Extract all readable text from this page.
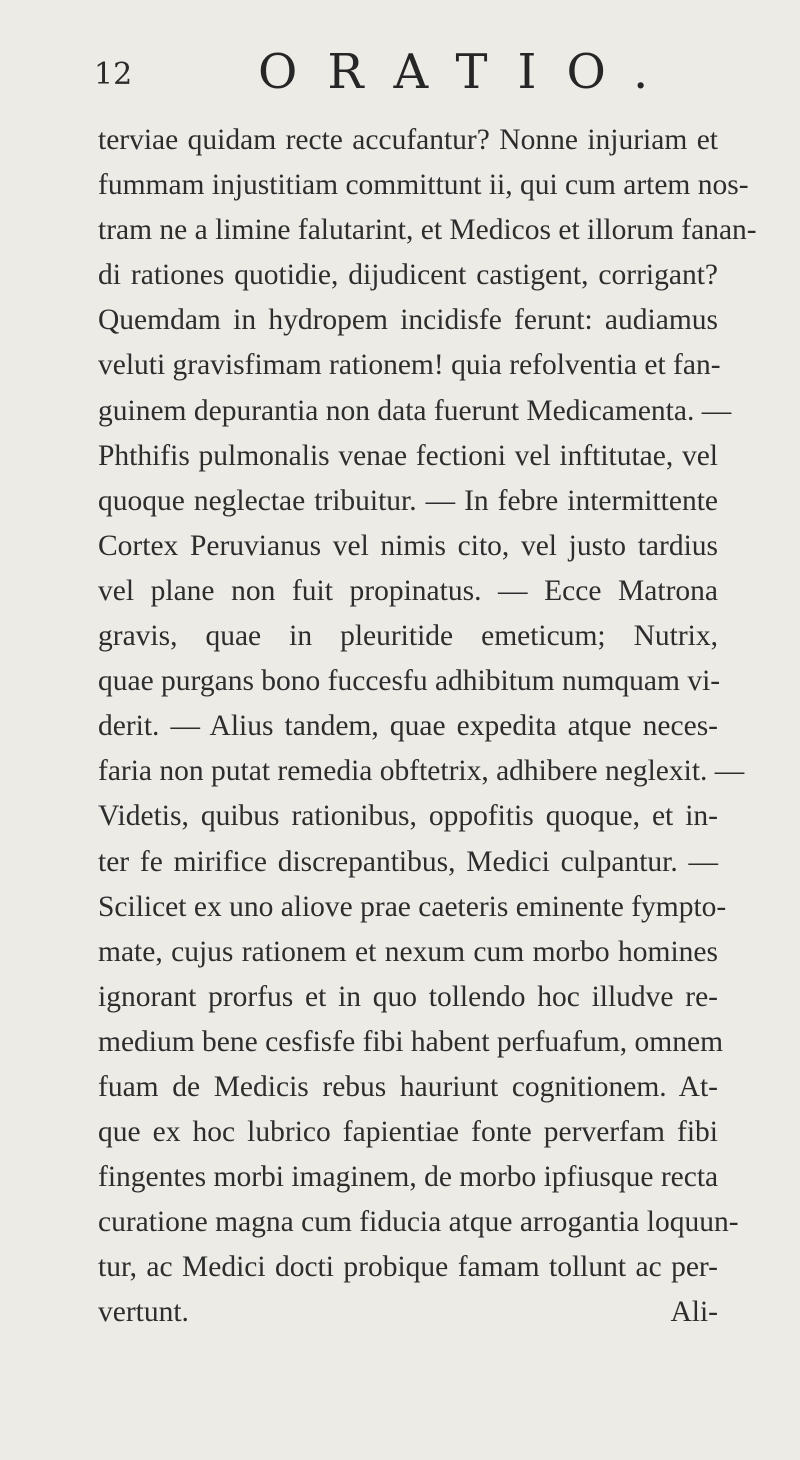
12	ORATIO.
terviae quidam recte accufantur? Nonne injuriam et
fummam injustitiam committunt ii, qui cum artem nos-
tram ne a limine falutarint, et Medicos et illorum fanan-
di rationes quotidie, dijudicent castigent, corrigant?
Quemdam in hydropem incidisfe ferunt: audiamus
veluti gravisfimam rationem! quia refolventia et fan-
guinem depurantia non data fuerunt Medicamenta. —
Phthifis pulmonalis venae fectioni vel inftitutae, vel
quoque neglectae tribuitur. — In febre intermittente
Cortex Peruvianus vel nimis cito, vel justo tardius
vel plane non fuit propinatus. — Ecce Matrona
gravis, quae in pleuritide emeticum; Nutrix,
quae purgans bono fuccesfu adhibitum numquam vi-
derit. — Alius tandem, quae expedita atque neces-
faria non putat remedia obftetrix, adhibere neglexit. —
Videtis, quibus rationibus, oppofitis quoque, et in-
ter fe mirifice discrepantibus, Medici culpantur. —
Scilicet ex uno aliove prae caeteris eminente fympto-
mate, cujus rationem et nexum cum morbo homines
ignorant prorfus et in quo tollendo hoc illudve re-
medium bene cesfisfe fibi habent perfuafum, omnem
fuam de Medicis rebus hauriunt cognitionem. At-
que ex hoc lubrico fapientiae fonte perverfam fibi
fingentes morbi imaginem, de morbo ipfiusque recta
curatione magna cum fiducia atque arrogantia loquun-
tur, ac Medici docti probique famam tollunt ac per-
vertunt.	Ali-
